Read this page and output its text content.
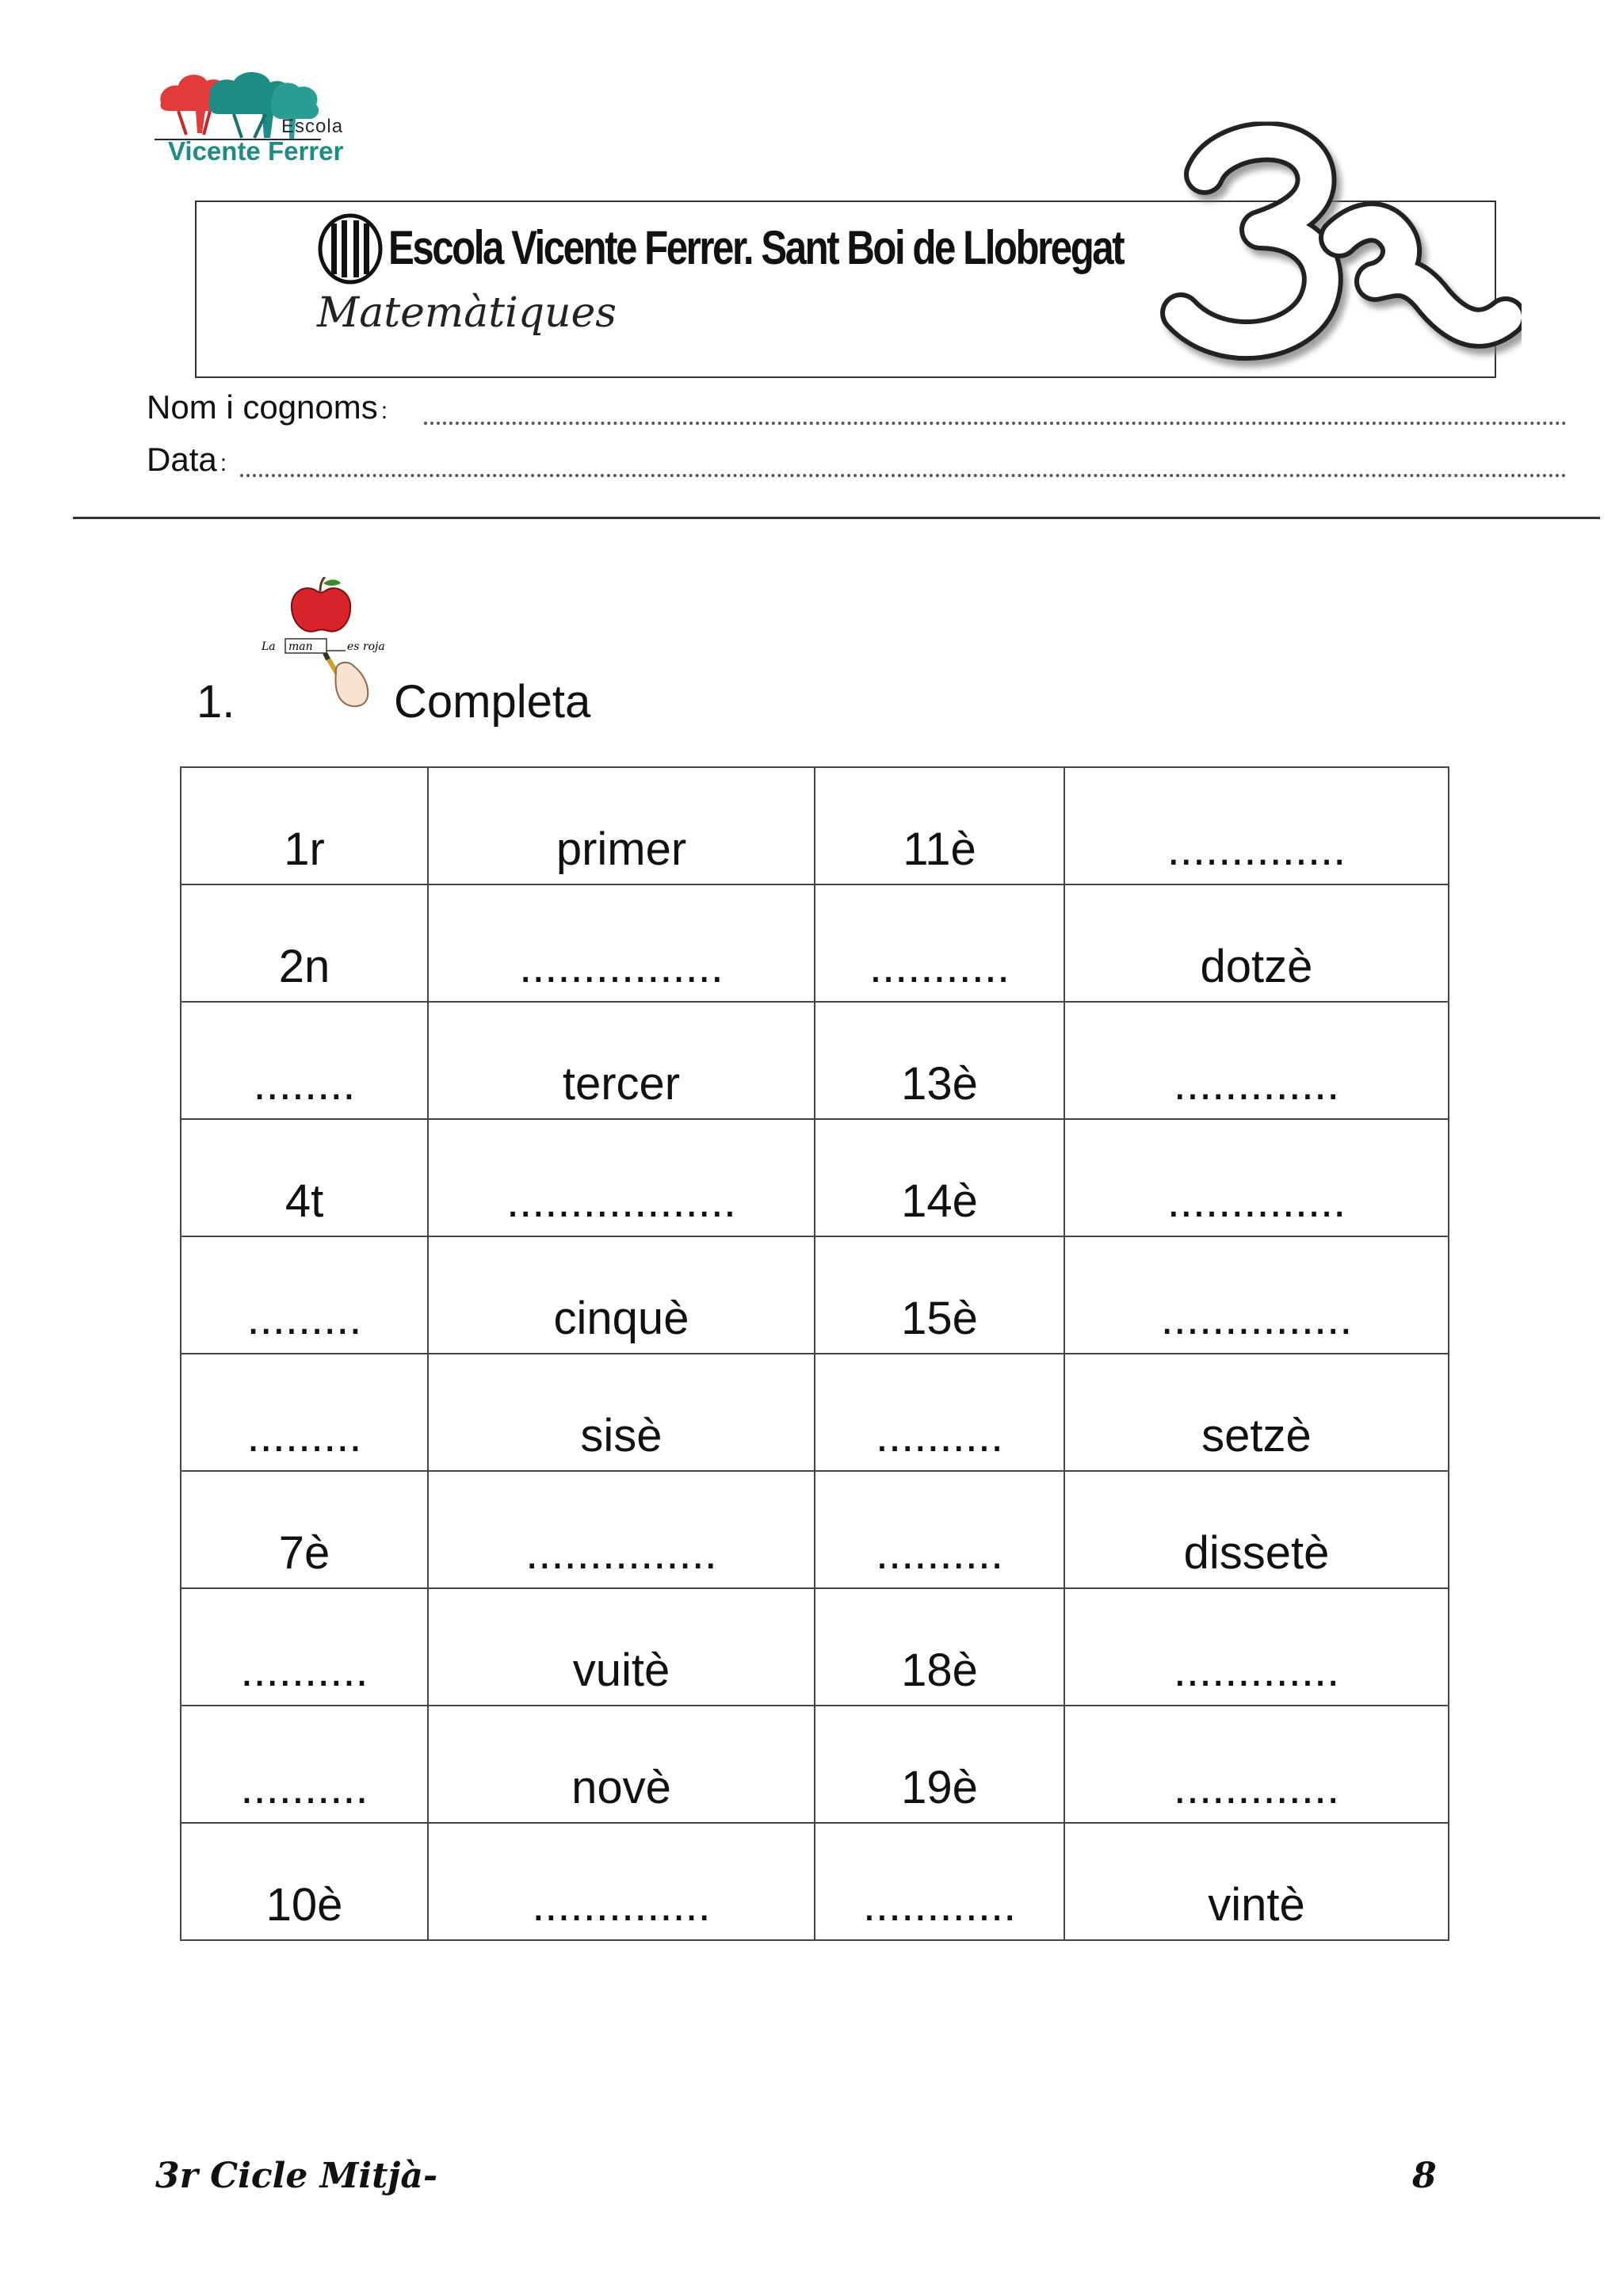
Escola
Vicente Ferrer
Escola Vicente Ferrer. Sant Boi de Llobregat
Matemàtiques
Nom i cognoms :
Data :
1.
La man	es roja
Completa
1r	primer	11è	..............
2n	................	...........	dotzè
........	tercer	13è	.............
4t	..................	14è	..............
.........	cinquè	15è	...............
.........	sisè	..........	setzè
7è	...............	..........	dissetè
..........	vuitè	18è	.............
..........	novè	19è	.............
10è	..............	............	vintè
3r Cicle Mitjà-	8
